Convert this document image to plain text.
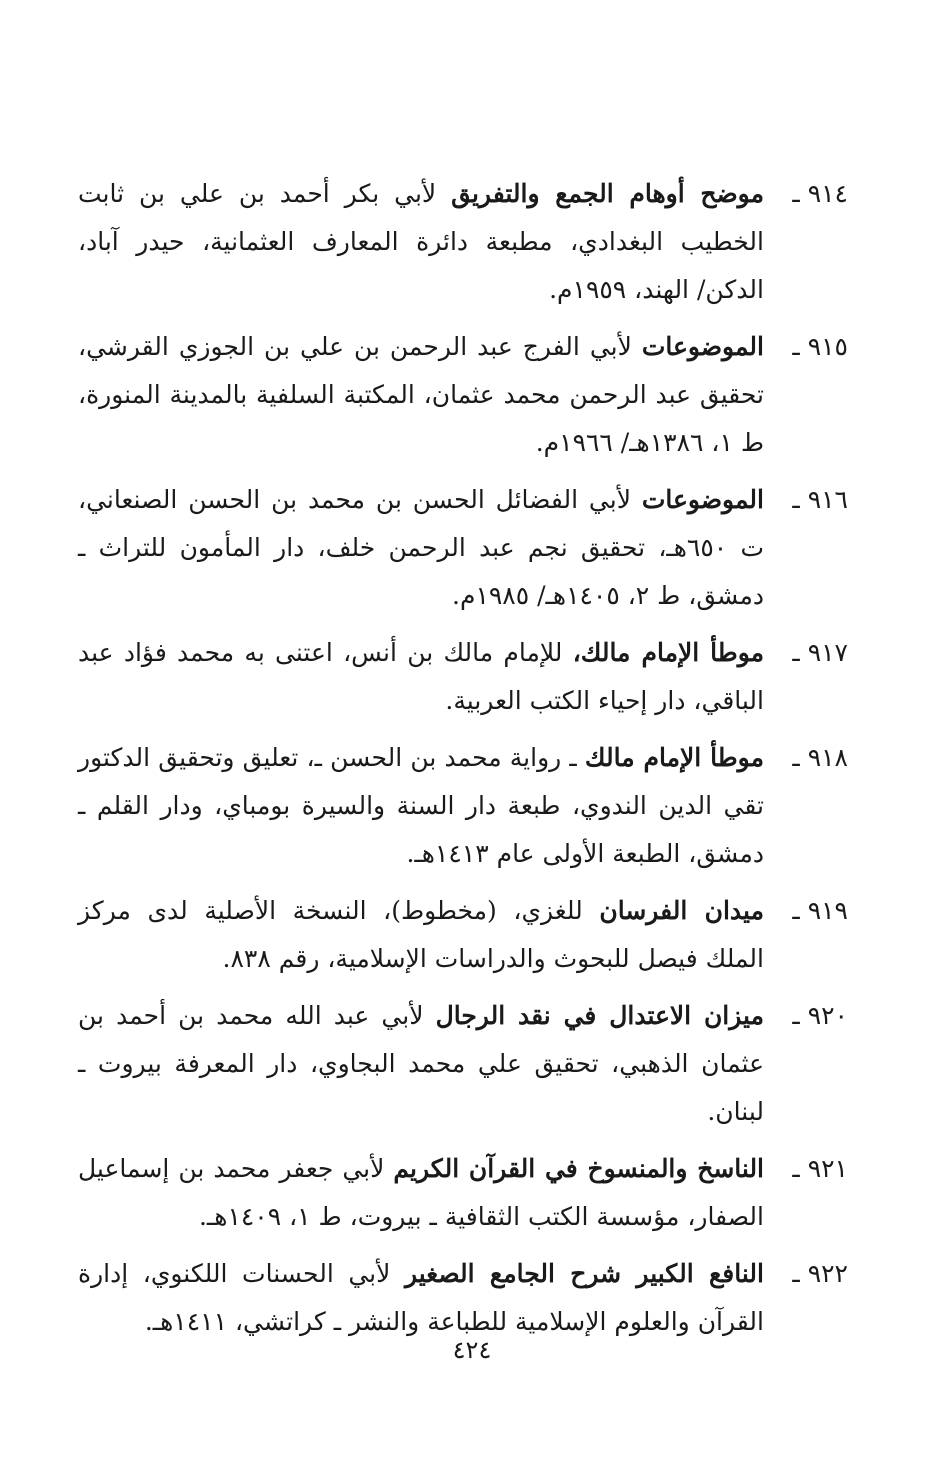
٩١٤ ـ
موضح أوهام الجمع والتفريق لأبي بكر أحمد بن علي بن ثابت الخطيب البغدادي، مطبعة دائرة المعارف العثمانية، حيدر آباد، الدكن/ الهند، ١٩٥٩م.
٩١٥ ـ
الموضوعات لأبي الفرج عبد الرحمن بن علي بن الجوزي القرشي، تحقيق عبد الرحمن محمد عثمان، المكتبة السلفية بالمدينة المنورة، ط ١، ١٣٨٦هـ/ ١٩٦٦م.
٩١٦ ـ
الموضوعات لأبي الفضائل الحسن بن محمد بن الحسن الصنعاني، ت ٦٥٠هـ، تحقيق نجم عبد الرحمن خلف، دار المأمون للتراث ـ دمشق، ط ٢، ١٤٠٥هـ/ ١٩٨٥م.
٩١٧ ـ
موطأ الإمام مالك، للإمام مالك بن أنس، اعتنى به محمد فؤاد عبد الباقي، دار إحياء الكتب العربية.
٩١٨ ـ
موطأ الإمام مالك ـ رواية محمد بن الحسن ـ، تعليق وتحقيق الدكتور تقي الدين الندوي، طبعة دار السنة والسيرة بومباي، ودار القلم ـ دمشق، الطبعة الأولى عام ١٤١٣هـ.
٩١٩ ـ
ميدان الفرسان للغزي، (مخطوط)، النسخة الأصلية لدى مركز الملك فيصل للبحوث والدراسات الإسلامية، رقم ٨٣٨.
٩٢٠ ـ
ميزان الاعتدال في نقد الرجال لأبي عبد الله محمد بن أحمد بن عثمان الذهبي، تحقيق علي محمد البجاوي، دار المعرفة بيروت ـ لبنان.
٩٢١ ـ
الناسخ والمنسوخ في القرآن الكريم لأبي جعفر محمد بن إسماعيل الصفار، مؤسسة الكتب الثقافية ـ بيروت، ط ١، ١٤٠٩هـ.
٩٢٢ ـ
النافع الكبير شرح الجامع الصغير لأبي الحسنات اللكنوي، إدارة القرآن والعلوم الإسلامية للطباعة والنشر ـ كراتشي، ١٤١١هـ.
٤٢٤
